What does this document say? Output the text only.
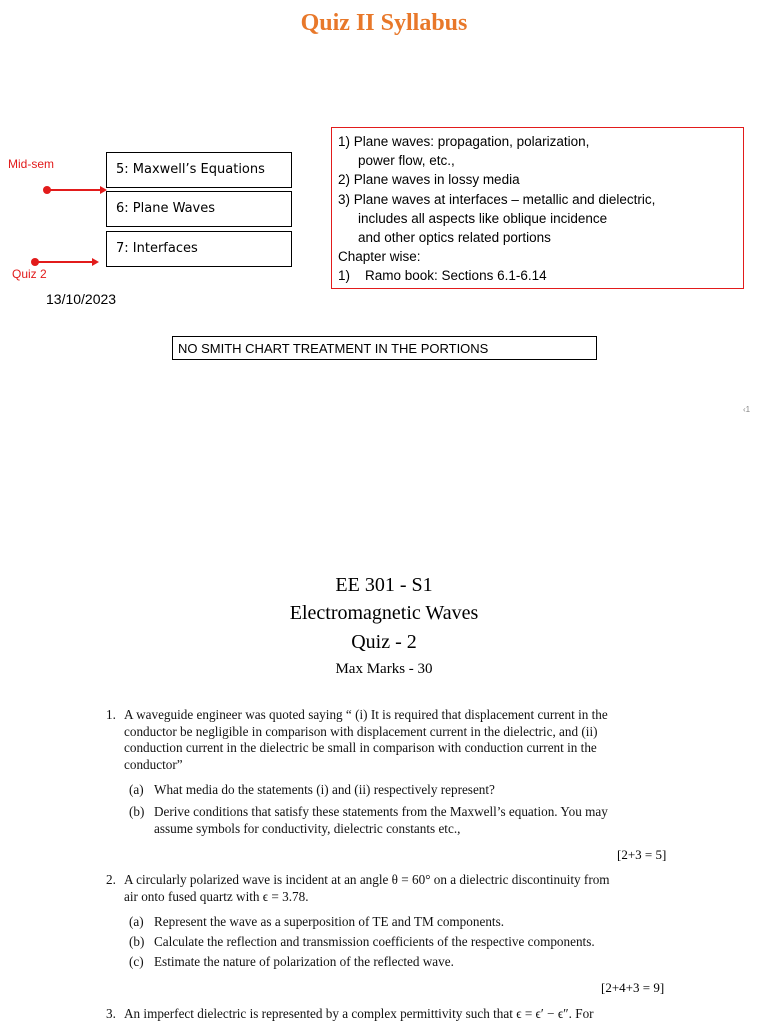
Quiz II Syllabus
Mid-sem
Quiz 2
5: Maxwell’s Equations
6: Plane Waves
7: Interfaces
13/10/2023
1) Plane waves: propagation, polarization,
power flow, etc.,
2) Plane waves in lossy media
3) Plane waves at interfaces – metallic and dielectric,
includes all aspects like oblique incidence
and other optics related portions
Chapter wise:
1)    Ramo book: Sections 6.1-6.14
NO SMITH CHART TREATMENT IN THE PORTIONS
‹1
EE 301 - S1
Electromagnetic Waves
Quiz - 2
Max Marks - 30
1. A waveguide engineer was quoted saying “ (i) It is required that displacement current in the
conductor be negligible in comparison with displacement current in the dielectric, and (ii)
conduction current in the dielectric be small in comparison with conduction current in the
conductor”
(a) What media do the statements (i) and (ii) respectively represent?
(b) Derive conditions that satisfy these statements from the Maxwell’s equation. You may
assume symbols for conductivity, dielectric constants etc.,
[2+3 = 5]
2. A circularly polarized wave is incident at an angle θ = 60° on a dielectric discontinuity from
air onto fused quartz with ϵ = 3.78.
(a) Represent the wave as a superposition of TE and TM components.
(b) Calculate the reflection and transmission coefficients of the respective components.
(c) Estimate the nature of polarization of the reflected wave.
[2+4+3 = 9]
3. An imperfect dielectric is represented by a complex permittivity such that ϵ = ϵ′ − ϵ″. For
